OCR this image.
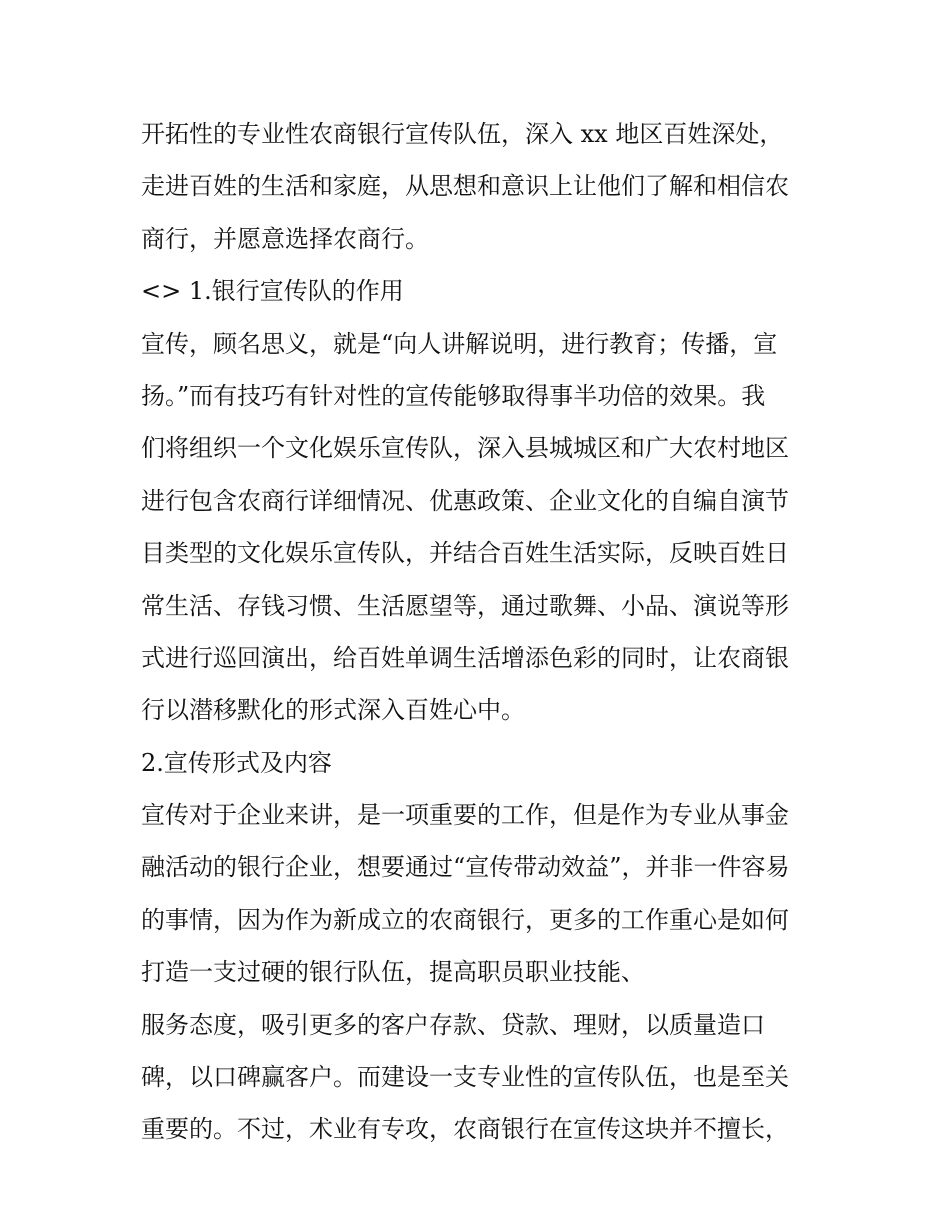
开拓性的专业性农商银行宣传队伍，深入 xx 地区百姓深处，
走进百姓的生活和家庭，从思想和意识上让他们了解和相信农
商行，并愿意选择农商行。
<> 1.银行宣传队的作用
宣传，顾名思义，就是“向人讲解说明，进行教育；传播，宣
扬。”而有技巧有针对性的宣传能够取得事半功倍的效果。我
们将组织一个文化娱乐宣传队，深入县城城区和广大农村地区
进行包含农商行详细情况、优惠政策、企业文化的自编自演节
目类型的文化娱乐宣传队，并结合百姓生活实际，反映百姓日
常生活、存钱习惯、生活愿望等，通过歌舞、小品、演说等形
式进行巡回演出，给百姓单调生活增添色彩的同时，让农商银
行以潜移默化的形式深入百姓心中。
2.宣传形式及内容
宣传对于企业来讲，是一项重要的工作，但是作为专业从事金
融活动的银行企业，想要通过“宣传带动效益”，并非一件容易
的事情，因为作为新成立的农商银行，更多的工作重心是如何
打造一支过硬的银行队伍，提高职员职业技能、
服务态度，吸引更多的客户存款、贷款、理财，以质量造口
碑，以口碑赢客户。而建设一支专业性的宣传队伍，也是至关
重要的。不过，术业有专攻，农商银行在宣传这块并不擅长，
